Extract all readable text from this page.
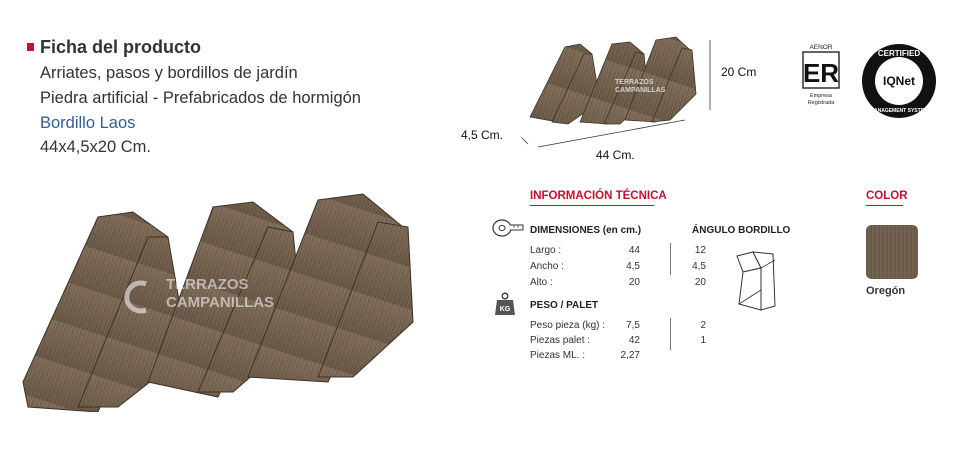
Ficha del producto
Arriates, pasos y bordillos de jardín
Piedra artificial - Prefabricados de hormigón
Bordillo Laos
44x4,5x20 Cm.
TERRAZOS
CAMPANILLAS
TERRAZOS
CAMPANILLAS
20 Cm
4,5 Cm.
44 Cm.
AENOR
ER
Empresa
Registrada
CERTIFIED
IQNet
MANAGEMENT SYSTEM
INFORMACIÓN TÉCNICA
DIMENSIONES (en cm.)	ÁNGULO BORDILLO
Largo :	44	12
Ancho :	4,5	4,5
Alto :	20	20
KG PESO / PALET
Peso pieza (kg) :	7,5	2
Piezas palet :	42	1
Piezas ML. :	2,27
COLOR
Oregón
